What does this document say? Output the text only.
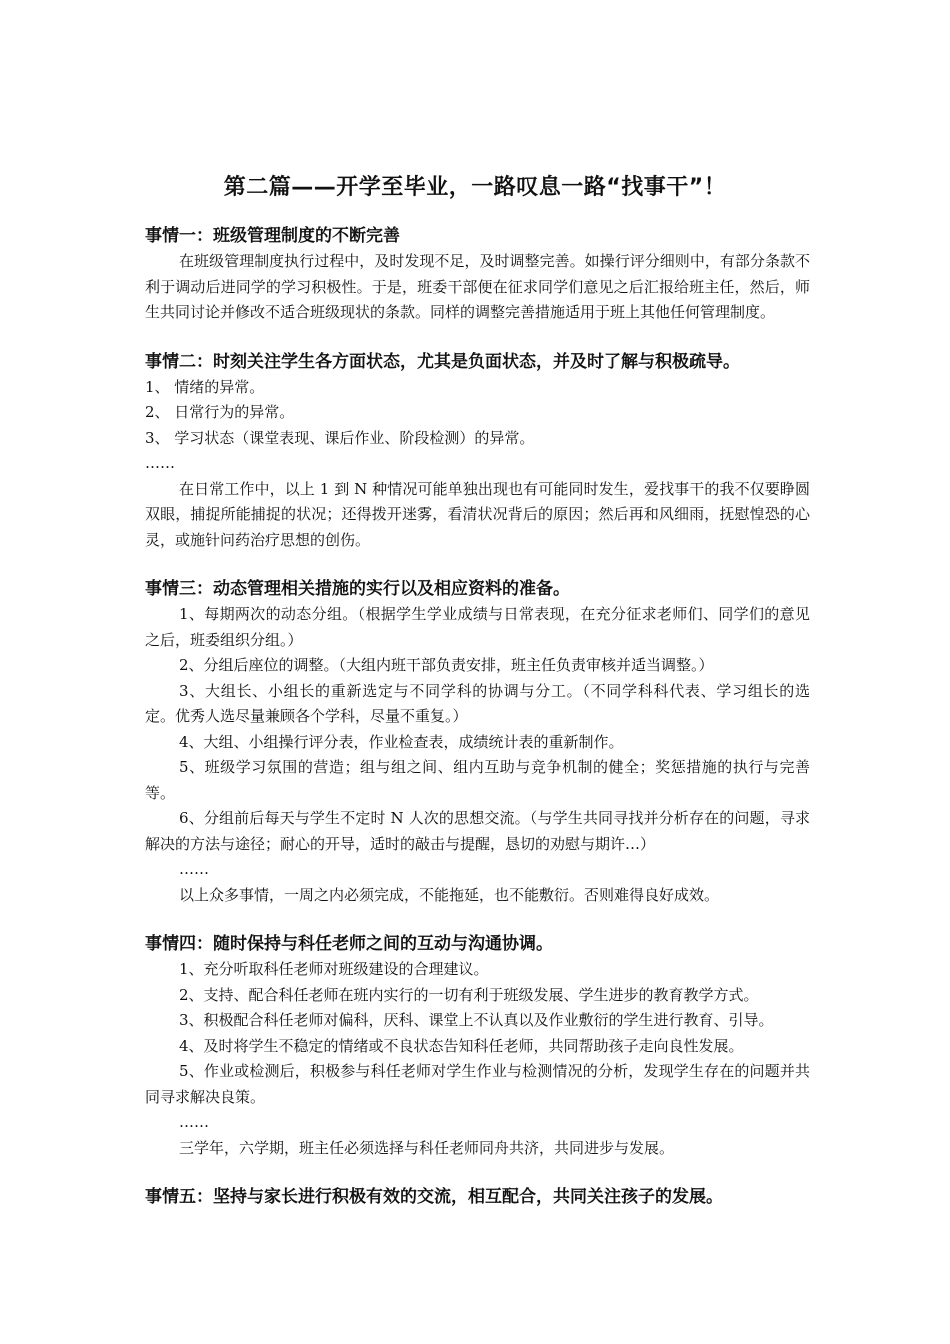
第二篇——开学至毕业，一路叹息一路“找事干”！
事情一：班级管理制度的不断完善
在班级管理制度执行过程中，及时发现不足，及时调整完善。如操行评分细则中，有部分条款不利于调动后进同学的学习积极性。于是，班委干部便在征求同学们意见之后汇报给班主任，然后，师生共同讨论并修改不适合班级现状的条款。同样的调整完善措施适用于班上其他任何管理制度。
事情二：时刻关注学生各方面状态，尤其是负面状态，并及时了解与积极疏导。
1、 情绪的异常。
2、 日常行为的异常。
3、 学习状态（课堂表现、课后作业、阶段检测）的异常。
……
在日常工作中，以上 1 到 N 种情况可能单独出现也有可能同时发生，爱找事干的我不仅要睁圆双眼，捕捉所能捕捉的状况；还得拨开迷雾，看清状况背后的原因；然后再和风细雨，抚慰惶恐的心灵，或施针问药治疗思想的创伤。
事情三：动态管理相关措施的实行以及相应资料的准备。
1、每期两次的动态分组。（根据学生学业成绩与日常表现，在充分征求老师们、同学们的意见之后，班委组织分组。）
2、分组后座位的调整。（大组内班干部负责安排，班主任负责审核并适当调整。）
3、大组长、小组长的重新选定与不同学科的协调与分工。（不同学科科代表、学习组长的选定。优秀人选尽量兼顾各个学科，尽量不重复。）
4、大组、小组操行评分表，作业检查表，成绩统计表的重新制作。
5、班级学习氛围的营造；组与组之间、组内互助与竞争机制的健全；奖惩措施的执行与完善等。
6、分组前后每天与学生不定时 N 人次的思想交流。（与学生共同寻找并分析存在的问题，寻求解决的方法与途径；耐心的开导，适时的敲击与提醒，恳切的劝慰与期许…）
……
以上众多事情，一周之内必须完成，不能拖延，也不能敷衍。否则难得良好成效。
事情四：随时保持与科任老师之间的互动与沟通协调。
1、充分听取科任老师对班级建设的合理建议。
2、支持、配合科任老师在班内实行的一切有利于班级发展、学生进步的教育教学方式。
3、积极配合科任老师对偏科，厌科、课堂上不认真以及作业敷衍的学生进行教育、引导。
4、及时将学生不稳定的情绪或不良状态告知科任老师，共同帮助孩子走向良性发展。
5、作业或检测后，积极参与科任老师对学生作业与检测情况的分析，发现学生存在的问题并共同寻求解决良策。
……
三学年，六学期，班主任必须选择与科任老师同舟共济，共同进步与发展。
事情五：坚持与家长进行积极有效的交流，相互配合，共同关注孩子的发展。
